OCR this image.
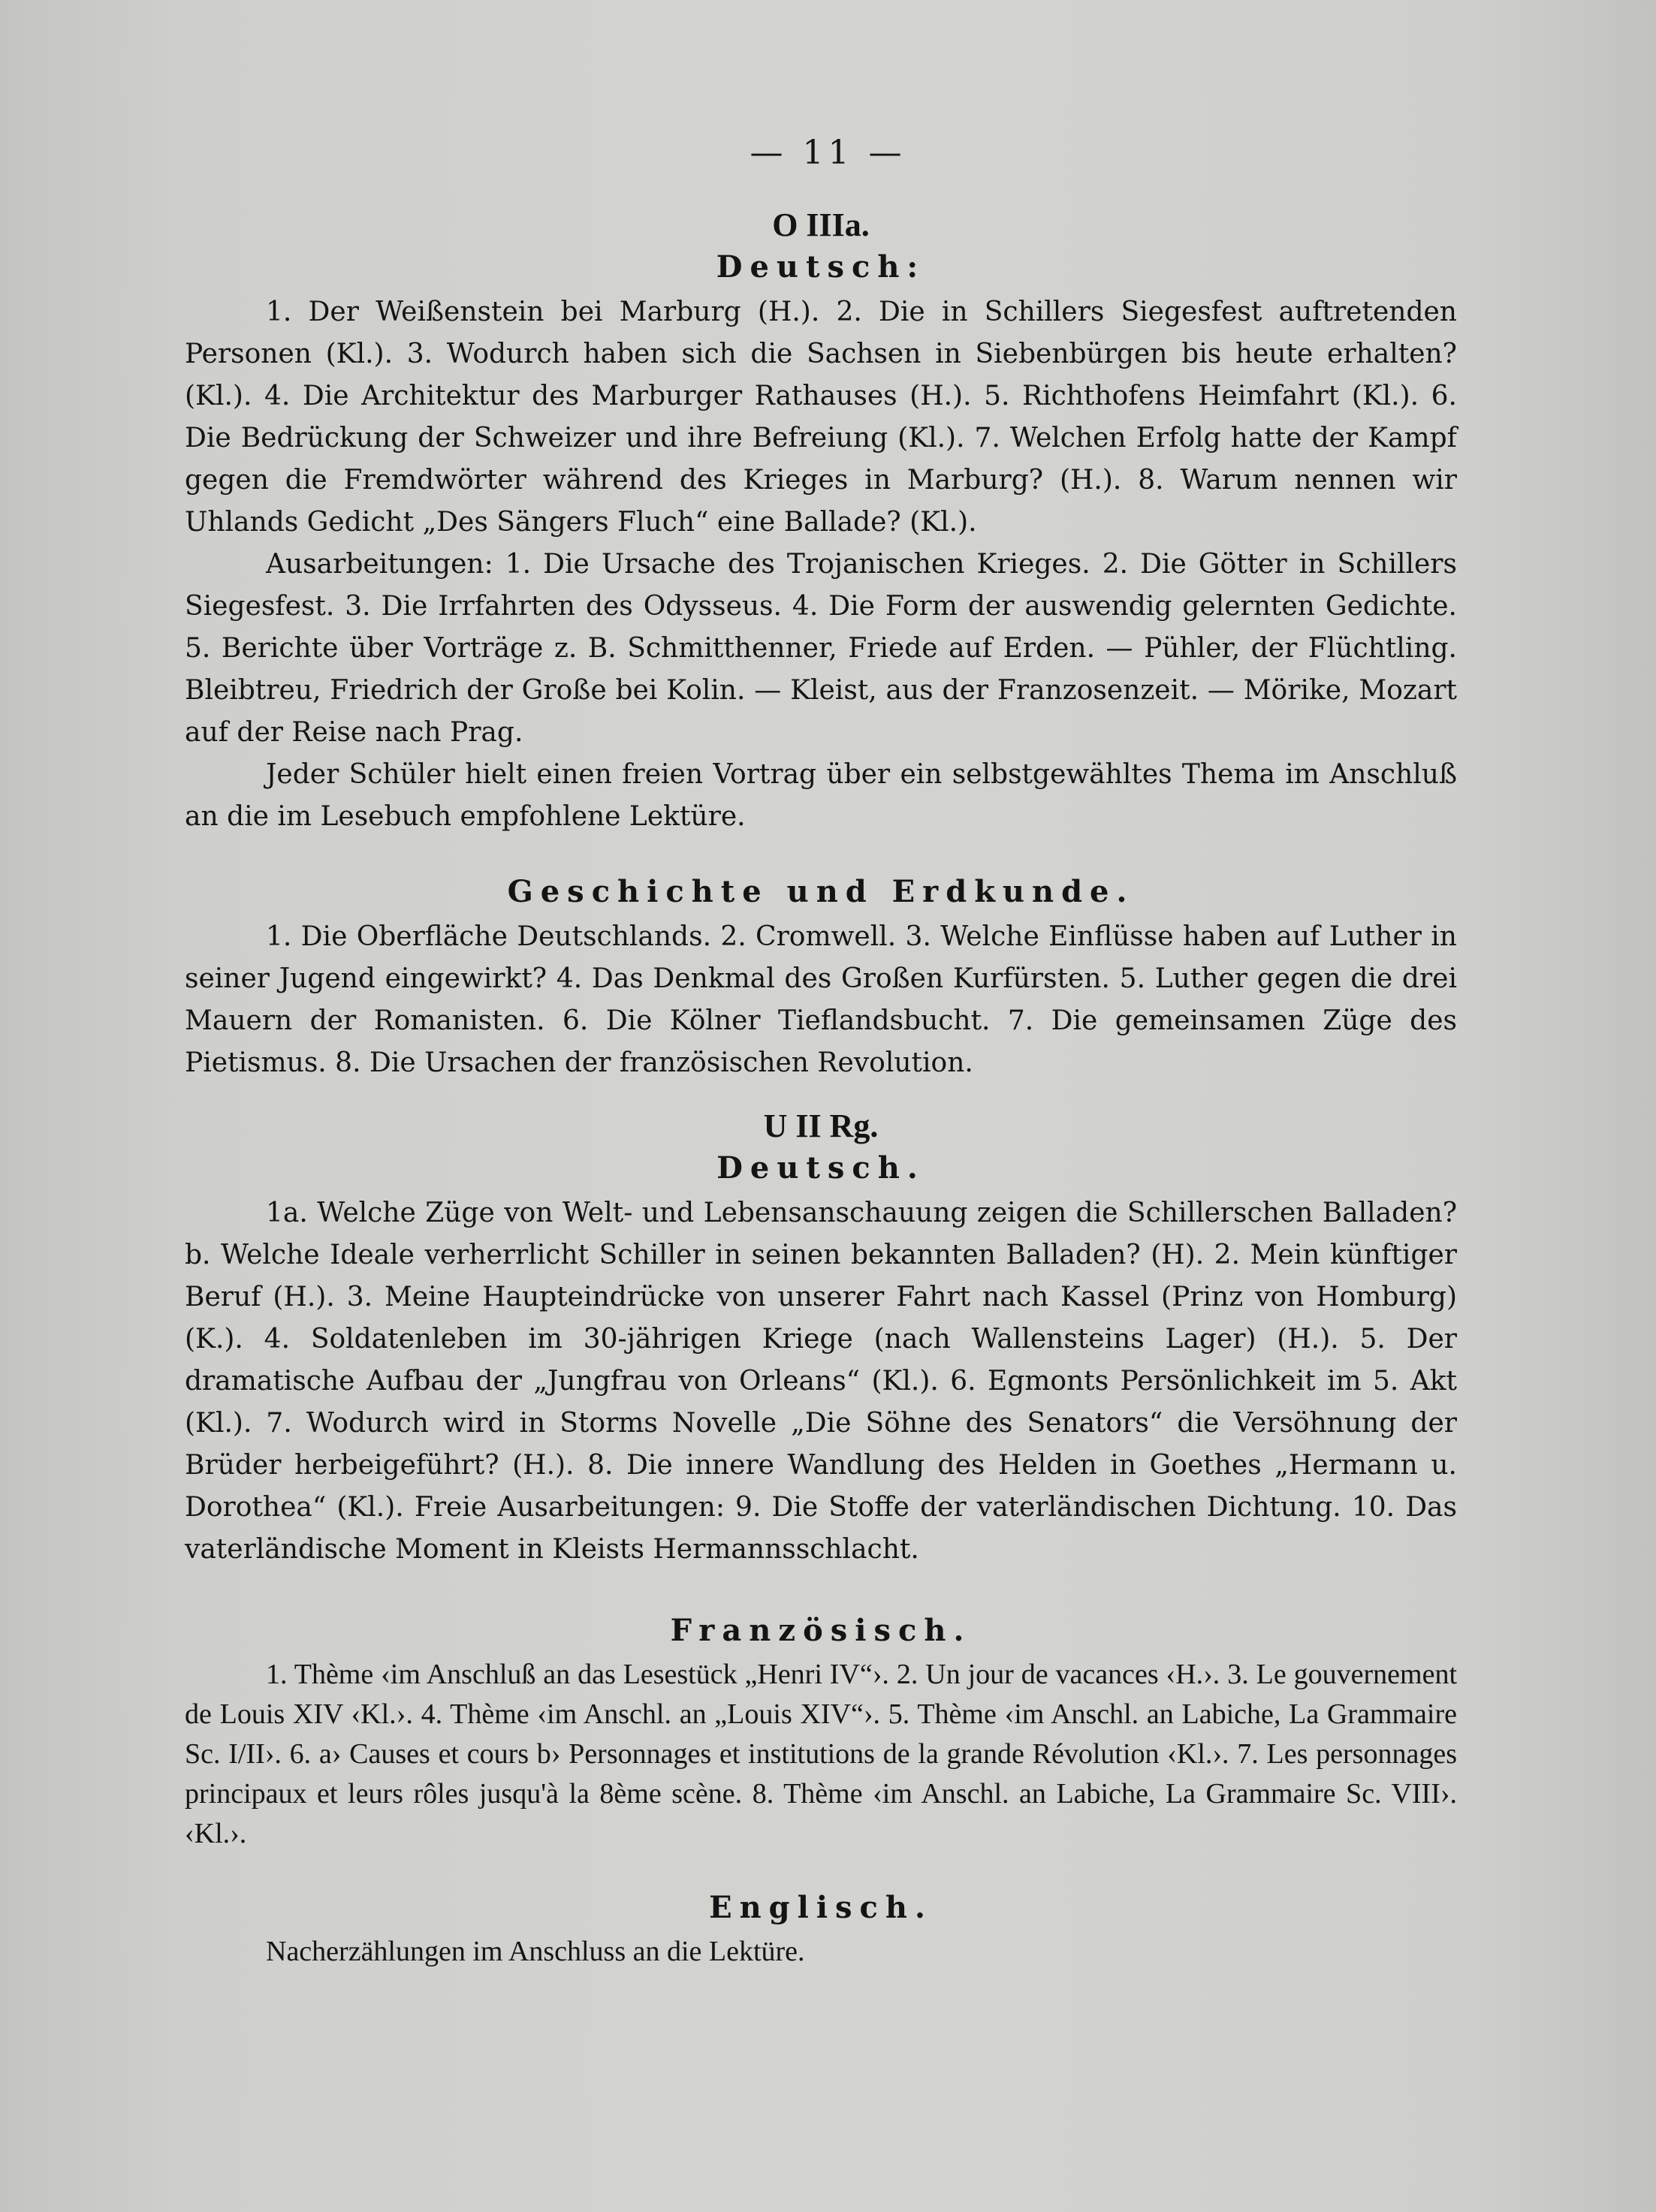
— 11 —
O IIIa.
Deutsch:

1. Der Weißenstein bei Marburg (H.). 2. Die in Schillers Siegesfest auftretenden Personen (Kl.). 3. Wodurch haben sich die Sachsen in Siebenbürgen bis heute erhalten? (Kl.). 4. Die Architektur des Marburger Rathauses (H.). 5. Richthofens Heimfahrt (Kl.). 6. Die Bedrückung der Schweizer und ihre Befreiung (Kl.). 7. Welchen Erfolg hatte der Kampf gegen die Fremdwörter während des Krieges in Marburg? (H.). 8. Warum nennen wir Uhlands Gedicht „Des Sängers Fluch“ eine Ballade? (Kl.).

Ausarbeitungen: 1. Die Ursache des Trojanischen Krieges. 2. Die Götter in Schillers Siegesfest. 3. Die Irrfahrten des Odysseus. 4. Die Form der auswendig gelernten Gedichte. 5. Berichte über Vorträge z. B. Schmitthenner, Friede auf Erden. — Pühler, der Flüchtling. Bleibtreu, Friedrich der Große bei Kolin. — Kleist, aus der Franzosenzeit. — Mörike, Mozart auf der Reise nach Prag.

Jeder Schüler hielt einen freien Vortrag über ein selbstgewähltes Thema im Anschluß an die im Lesebuch empfohlene Lektüre.

Geschichte und Erdkunde.

1. Die Oberfläche Deutschlands. 2. Cromwell. 3. Welche Einflüsse haben auf Luther in seiner Jugend eingewirkt? 4. Das Denkmal des Großen Kurfürsten. 5. Luther gegen die drei Mauern der Romanisten. 6. Die Kölner Tieflandsbucht. 7. Die gemeinsamen Züge des Pietismus. 8. Die Ursachen der französischen Revolution.

U II Rg.
Deutsch.

1a. Welche Züge von Welt- und Lebensanschauung zeigen die Schillerschen Balladen? b. Welche Ideale verherrlicht Schiller in seinen bekannten Balladen? (H). 2. Mein künftiger Beruf (H.). 3. Meine Haupteindrücke von unserer Fahrt nach Kassel (Prinz von Homburg) (K.). 4. Soldatenleben im 30-jährigen Kriege (nach Wallensteins Lager) (H.). 5. Der dramatische Aufbau der „Jungfrau von Orleans“ (Kl.). 6. Egmonts Persönlichkeit im 5. Akt (Kl.). 7. Wodurch wird in Storms Novelle „Die Söhne des Senators“ die Versöhnung der Brüder herbeigeführt? (H.). 8. Die innere Wandlung des Helden in Goethes „Hermann u. Dorothea“ (Kl.). Freie Ausarbeitungen: 9. Die Stoffe der vaterländischen Dichtung. 10. Das vaterländische Moment in Kleists Hermannsschlacht.

Französisch.

1. Thème ‹im Anschluß an das Lesestück „Henri IV“›. 2. Un jour de vacances ‹H.›. 3. Le gouvernement de Louis XIV ‹Kl.›. 4. Thème ‹im Anschl. an „Louis XIV“›. 5. Thème ‹im Anschl. an Labiche, La Grammaire Sc. I/II›. 6. a› Causes et cours b› Personnages et institutions de la grande Révolution ‹Kl.›. 7. Les personnages principaux et leurs rôles jusqu'à la 8ème scène. 8. Thème ‹im Anschl. an Labiche, La Grammaire Sc. VIII›. ‹Kl.›.

Englisch.

Nacherzählungen im Anschluss an die Lektüre.
